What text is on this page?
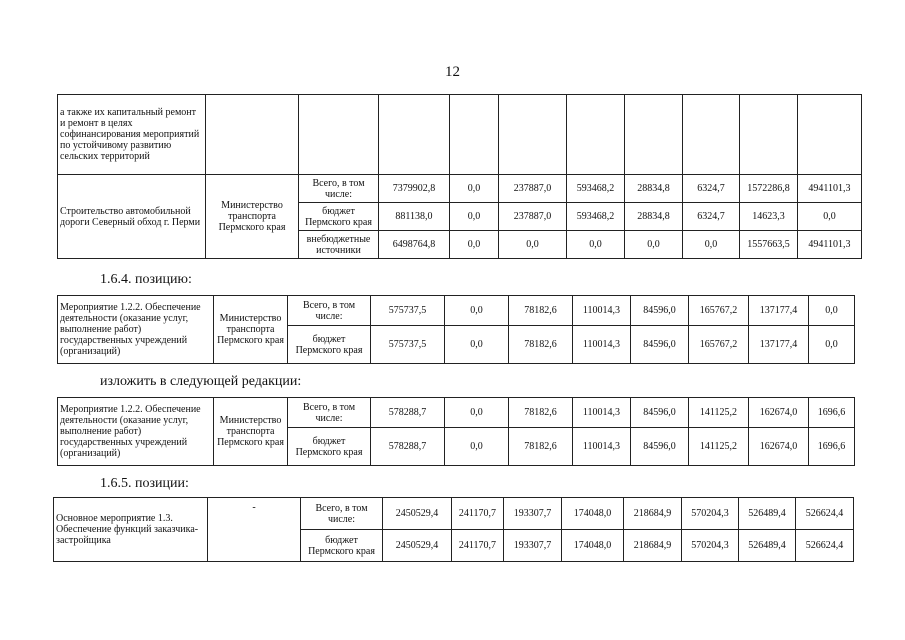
12
а также их капитальный ремонт и ремонт в целях софинансирования мероприятий по устойчивому развитию сельских территорий										
Строительство автомобильной дороги Северный обход г. Перми	Министерство транспорта Пермского края	Всего, в том числе:	7379902,8	0,0	237887,0	593468,2	28834,8	6324,7	1572286,8	4941101,3
		бюджет Пермского края	881138,0	0,0	237887,0	593468,2	28834,8	6324,7	14623,3	0,0
		внебюджетные источники	6498764,8	0,0	0,0	0,0	0,0	0,0	1557663,5	4941101,3
1.6.4. позицию:
Мероприятие 1.2.2. Обеспечение деятельности (оказание услуг, выполнение работ) государственных учреждений (организаций)	Министерство транспорта Пермского края	Всего, в том числе:	575737,5	0,0	78182,6	110014,3	84596,0	165767,2	137177,4	0,0
		бюджет Пермского края	575737,5	0,0	78182,6	110014,3	84596,0	165767,2	137177,4	0,0
изложить в следующей редакции:
Мероприятие 1.2.2. Обеспечение деятельности (оказание услуг, выполнение работ) государственных учреждений (организаций)	Министерство транспорта Пермского края	Всего, в том числе:	578288,7	0,0	78182,6	110014,3	84596,0	141125,2	162674,0	1696,6
		бюджет Пермского края	578288,7	0,0	78182,6	110014,3	84596,0	141125,2	162674,0	1696,6
1.6.5. позиции:
Основное мероприятие 1.3. Обеспечение функций заказчика-застройщика	-	Всего, в том числе:	2450529,4	241170,7	193307,7	174048,0	218684,9	570204,3	526489,4	526624,4
		бюджет Пермского края	2450529,4	241170,7	193307,7	174048,0	218684,9	570204,3	526489,4	526624,4
